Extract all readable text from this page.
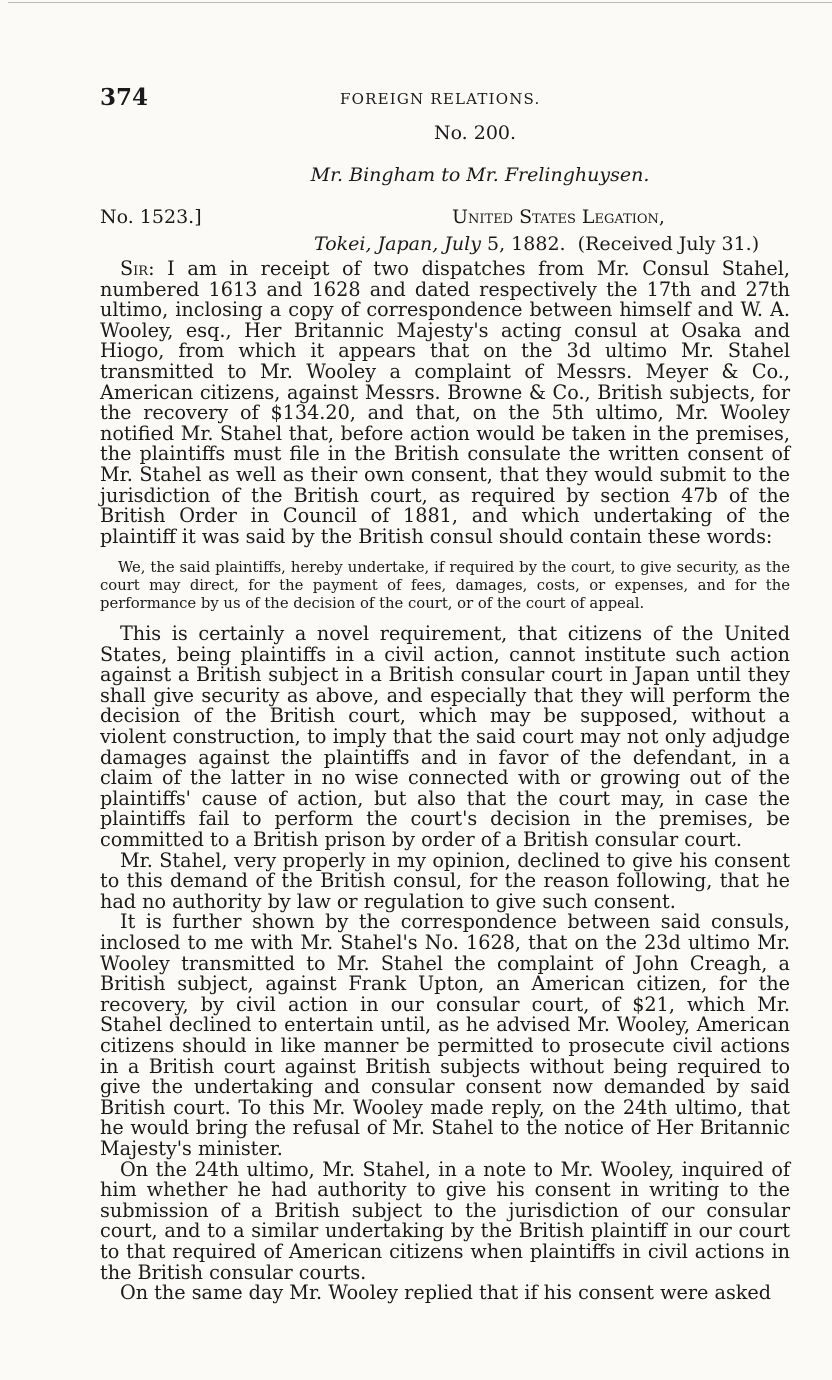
374	FOREIGN RELATIONS.
No. 200.
Mr. Bingham to Mr. Frelinghuysen.
No. 1523.]	United States Legation,
Tokei, Japan, July 5, 1882. (Received July 31.)

Sir: I am in receipt of two dispatches from Mr. Consul Stahel, numbered 1613 and 1628 and dated respectively the 17th and 27th ultimo, inclosing a copy of correspondence between himself and W. A. Wooley, esq., Her Britannic Majesty's acting consul at Osaka and Hiogo, from which it appears that on the 3d ultimo Mr. Stahel transmitted to Mr. Wooley a complaint of Messrs. Meyer & Co., American citizens, against Messrs. Browne & Co., British subjects, for the recovery of $134.20, and that, on the 5th ultimo, Mr. Wooley notified Mr. Stahel that, before action would be taken in the premises, the plaintiffs must file in the British consulate the written consent of Mr. Stahel as well as their own consent, that they would submit to the jurisdiction of the British court, as required by section 47b of the British Order in Council of 1881, and which undertaking of the plaintiff it was said by the British consul should contain these words:

We, the said plaintiffs, hereby undertake, if required by the court, to give security, as the court may direct, for the payment of fees, damages, costs, or expenses, and for the performance by us of the decision of the court, or of the court of appeal.

This is certainly a novel requirement, that citizens of the United States, being plaintiffs in a civil action, cannot institute such action against a British subject in a British consular court in Japan until they shall give security as above, and especially that they will perform the decision of the British court, which may be supposed, without a violent construction, to imply that the said court may not only adjudge damages against the plaintiffs and in favor of the defendant, in a claim of the latter in no wise connected with or growing out of the plaintiffs' cause of action, but also that the court may, in case the plaintiffs fail to perform the court's decision in the premises, be committed to a British prison by order of a British consular court.

Mr. Stahel, very properly in my opinion, declined to give his consent to this demand of the British consul, for the reason following, that he had no authority by law or regulation to give such consent.

It is further shown by the correspondence between said consuls, inclosed to me with Mr. Stahel's No. 1628, that on the 23d ultimo Mr. Wooley transmitted to Mr. Stahel the complaint of John Creagh, a British subject, against Frank Upton, an American citizen, for the recovery, by civil action in our consular court, of $21, which Mr. Stahel declined to entertain until, as he advised Mr. Wooley, American citizens should in like manner be permitted to prosecute civil actions in a British court against British subjects without being required to give the undertaking and consular consent now demanded by said British court. To this Mr. Wooley made reply, on the 24th ultimo, that he would bring the refusal of Mr. Stahel to the notice of Her Britannic Majesty's minister.

On the 24th ultimo, Mr. Stahel, in a note to Mr. Wooley, inquired of him whether he had authority to give his consent in writing to the submission of a British subject to the jurisdiction of our consular court, and to a similar undertaking by the British plaintiff in our court to that required of American citizens when plaintiffs in civil actions in the British consular courts.

On the same day Mr. Wooley replied that if his consent were asked
